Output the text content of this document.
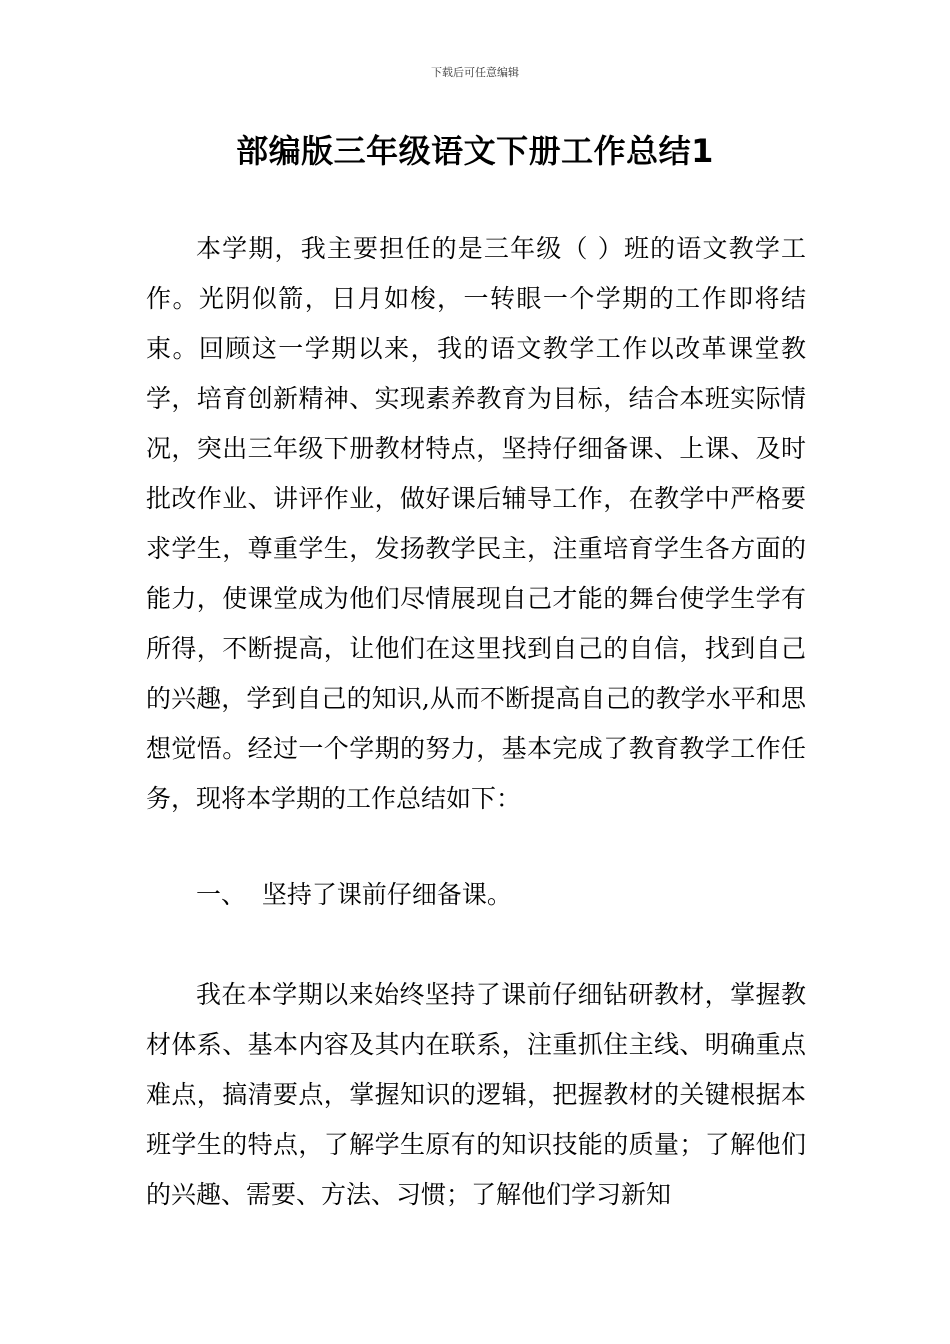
下载后可任意编辑
部编版三年级语文下册工作总结1

本学期，我主要担任的是三年级（ ）班的语文教学工作。光阴似箭，日月如梭，一转眼一个学期的工作即将结束。回顾这一学期以来，我的语文教学工作以改革课堂教学，培育创新精神、实现素养教育为目标，结合本班实际情况，突出三年级下册教材特点，坚持仔细备课、上课、及时批改作业、讲评作业，做好课后辅导工作，在教学中严格要求学生，尊重学生，发扬教学民主，注重培育学生各方面的能力，使课堂成为他们尽情展现自己才能的舞台使学生学有所得，不断提高，让他们在这里找到自己的自信，找到自己的兴趣，学到自己的知识,从而不断提高自己的教学水平和思想觉悟。经过一个学期的努力，基本完成了教育教学工作任务，现将本学期的工作总结如下：

一、  坚持了课前仔细备课。

我在本学期以来始终坚持了课前仔细钻研教材，掌握教材体系、基本内容及其内在联系，注重抓住主线、明确重点难点，搞清要点，掌握知识的逻辑，把握教材的关键根据本班学生的特点，了解学生原有的知识技能的质量；了解他们的兴趣、需要、方法、习惯；了解他们学习新知
